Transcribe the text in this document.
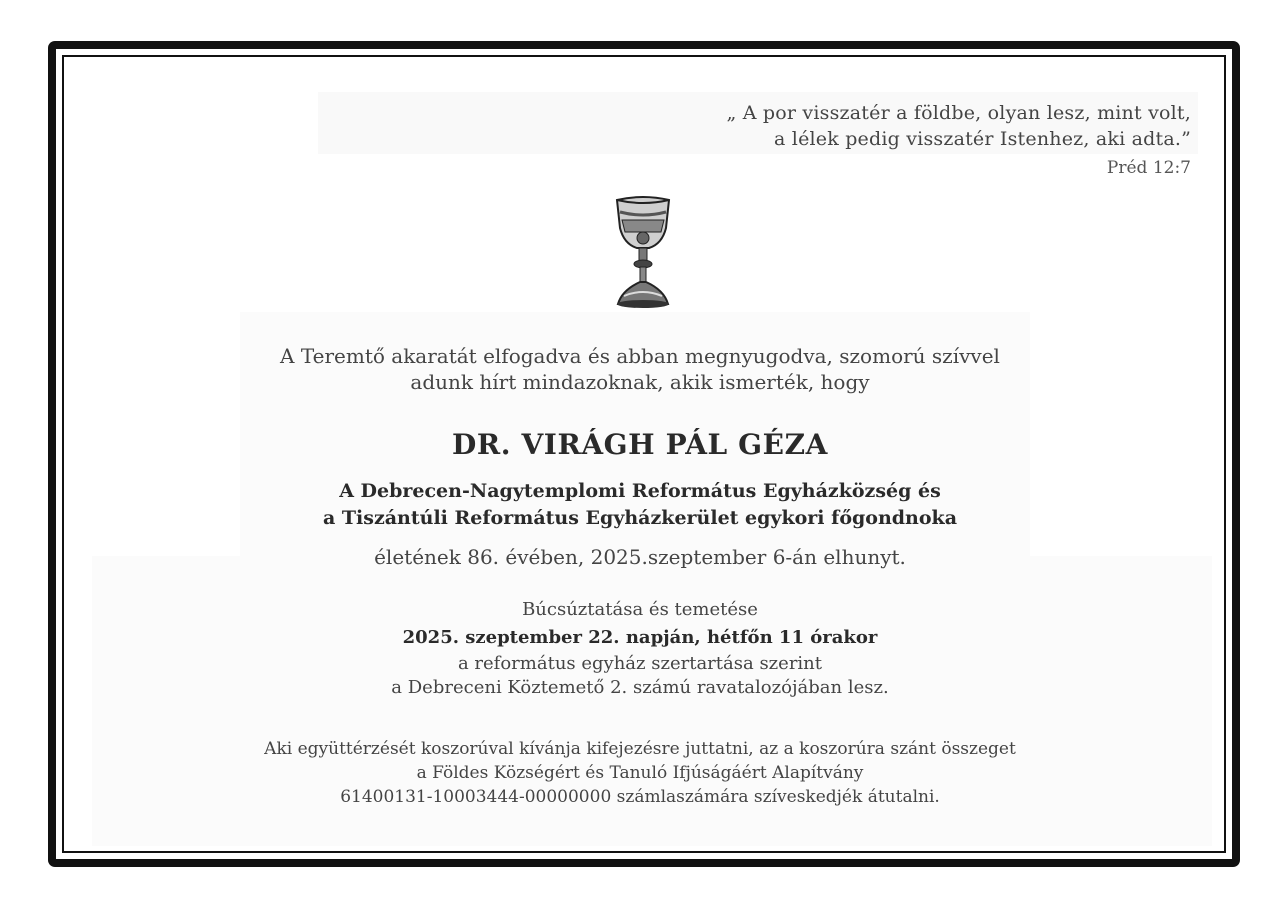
„ A por visszatér a földbe, olyan lesz, mint volt,
a lélek pedig visszatér Istenhez, aki adta.”
Préd 12:7
A Teremtő akaratát elfogadva és abban megnyugodva, szomorú szívvel
adunk hírt mindazoknak, akik ismerték, hogy
DR. VIRÁGH PÁL GÉZA
A Debrecen-Nagytemplomi Református Egyházközség és
a Tiszántúli Református Egyházkerület egykori főgondnoka
életének 86. évében, 2025.szeptember 6-án elhunyt.
Búcsúztatása és temetése
2025. szeptember 22. napján, hétfőn 11 órakor
a református egyház szertartása szerint
a Debreceni Köztemető 2. számú ravatalozójában lesz.
Aki együttérzését koszorúval kívánja kifejezésre juttatni, az a koszorúra szánt összeget
a Földes Községért és Tanuló Ifjúságáért Alapítvány
61400131-10003444-00000000 számlaszámára szíveskedjék átutalni.
